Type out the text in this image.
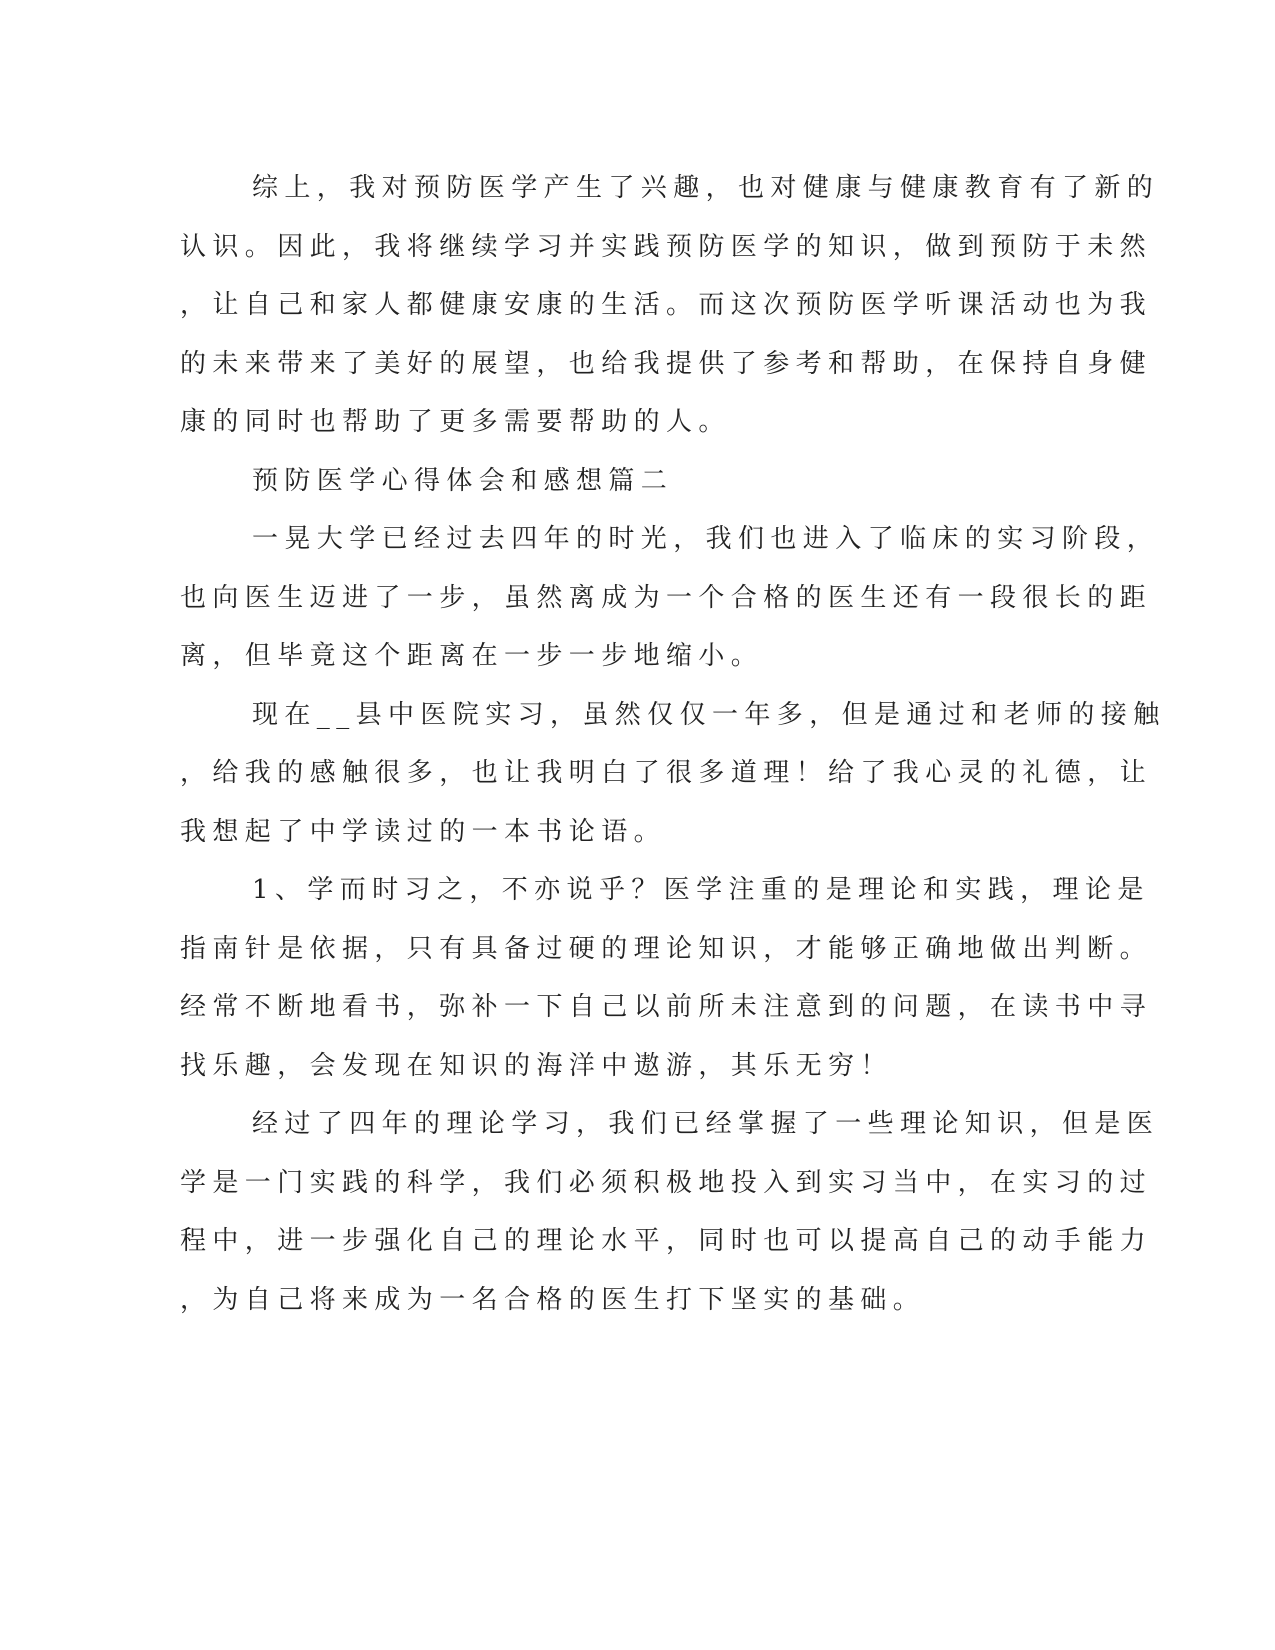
综上，我对预防医学产生了兴趣，也对健康与健康教育有了新的
认识。因此，我将继续学习并实践预防医学的知识，做到预防于未然
，让自己和家人都健康安康的生活。而这次预防医学听课活动也为我
的未来带来了美好的展望，也给我提供了参考和帮助，在保持自身健
康的同时也帮助了更多需要帮助的人。

预防医学心得体会和感想篇二

一晃大学已经过去四年的时光，我们也进入了临床的实习阶段，
也向医生迈进了一步，虽然离成为一个合格的医生还有一段很长的距
离，但毕竟这个距离在一步一步地缩小。

现在__县中医院实习，虽然仅仅一年多，但是通过和老师的接触
，给我的感触很多，也让我明白了很多道理！给了我心灵的礼德，让
我想起了中学读过的一本书论语。

1、学而时习之，不亦说乎？医学注重的是理论和实践，理论是
指南针是依据，只有具备过硬的理论知识，才能够正确地做出判断。
经常不断地看书，弥补一下自己以前所未注意到的问题，在读书中寻
找乐趣，会发现在知识的海洋中遨游，其乐无穷！

经过了四年的理论学习，我们已经掌握了一些理论知识，但是医
学是一门实践的科学，我们必须积极地投入到实习当中，在实习的过
程中，进一步强化自己的理论水平，同时也可以提高自己的动手能力
，为自己将来成为一名合格的医生打下坚实的基础。
